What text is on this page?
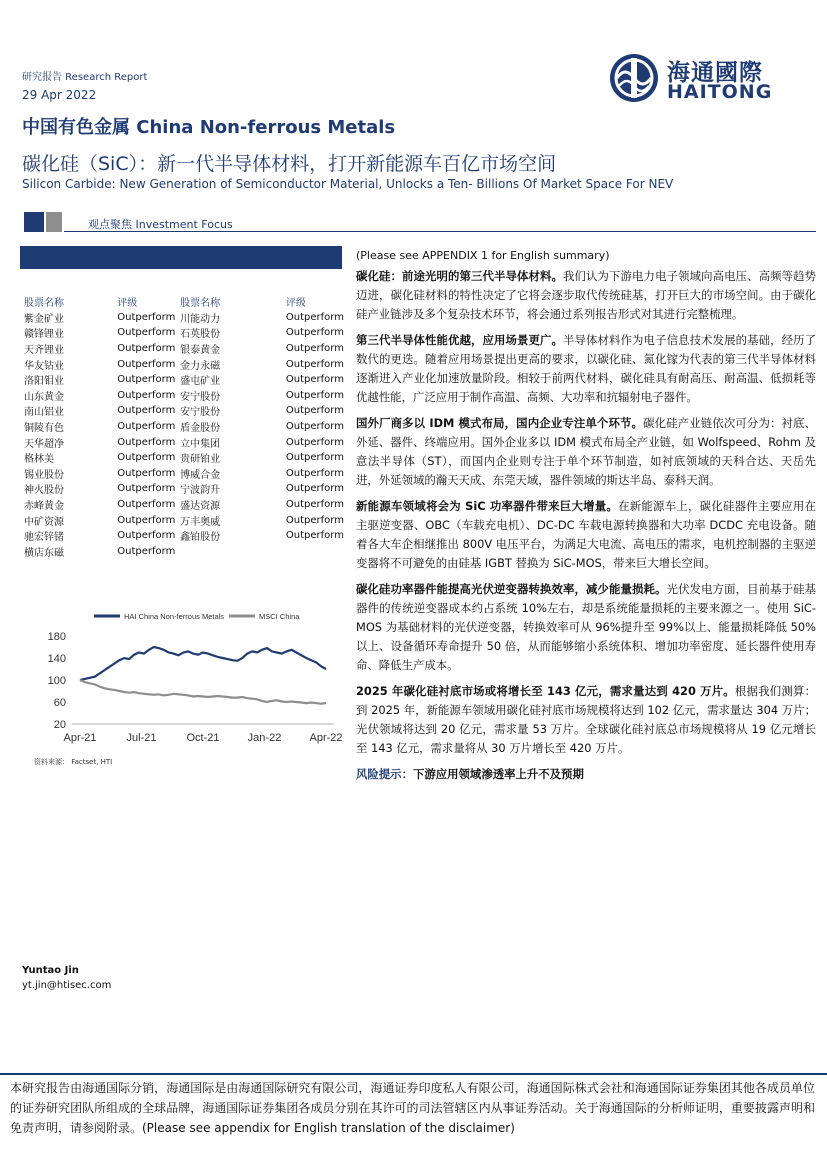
研究报告 Research Report
29 Apr 2022
中国有色金属 China Non-ferrous Metals
碳化硅（SiC）：新一代半导体材料，打开新能源车百亿市场空间
Silicon Carbide: New Generation of Semiconductor Material, Unlocks a Ten- Billions Of Market Space For NEV
海通國際
HAITONG
观点聚焦 Investment Focus
股票名称	评级	股票名称	评级
紫金矿业	Outperform	川能动力	Outperform
赣锋锂业	Outperform	石英股份	Outperform
天齐锂业	Outperform	银泰黄金	Outperform
华友钴业	Outperform	金力永磁	Outperform
洛阳钼业	Outperform	盛屯矿业	Outperform
山东黄金	Outperform	安宁股份	Outperform
南山铝业	Outperform	安宁股份	Outperform
铜陵有色	Outperform	盾金股份	Outperform
天华超净	Outperform	立中集团	Outperform
格林美	Outperform	贵研铂业	Outperform
锡业股份	Outperform	博威合金	Outperform
神火股份	Outperform	宁波韵升	Outperform
赤峰黄金	Outperform	盛达资源	Outperform
中矿资源	Outperform	万丰奥威	Outperform
驰宏锌锗	Outperform	鑫铂股份	Outperform
横店东磁	Outperform		
HAI China Non-ferrous Metals	MSCI China
20
60
100
140
180
Apr-21	Jul-21	Oct-21	Jan-22	Apr-22
资料来源： Factset, HTI

(Please see APPENDIX 1 for English summary)

碳化硅：前途光明的第三代半导体材料。我们认为下游电力电子领域向高电压、高频等趋势迈进，碳化硅材料的特性决定了它将会逐步取代传统硅基，打开巨大的市场空间。由于碳化硅产业链涉及多个复杂技术环节，将会通过系列报告形式对其进行完整梳理。

第三代半导体性能优越，应用场景更广。半导体材料作为电子信息技术发展的基础，经历了数代的更迭。随着应用场景提出更高的要求，以碳化硅、氮化镓为代表的第三代半导体材料逐渐进入产业化加速放量阶段。相较于前两代材料，碳化硅具有耐高压、耐高温、低损耗等优越性能，广泛应用于制作高温、高频、大功率和抗辐射电子器件。

国外厂商多以 IDM 模式布局，国内企业专注单个环节。碳化硅产业链依次可分为：衬底、外延、器件、终端应用。国外企业多以 IDM 模式布局全产业链，如 Wolfspeed、Rohm 及意法半导体（ST），而国内企业则专注于单个环节制造，如衬底领域的天科合达、天岳先进，外延领域的瀚天天成、东莞天域，器件领域的斯达半岛、泰科天润。

新能源车领域将会为 SiC 功率器件带来巨大增量。在新能源车上，碳化硅器件主要应用在主驱逆变器、OBC（车载充电机）、DC-DC 车载电源转换器和大功率 DCDC 充电设备。随着各大车企相继推出 800V 电压平台，为满足大电流、高电压的需求，电机控制器的主驱逆变器将不可避免的由硅基 IGBT 替换为 SiC-MOS，带来巨大增长空间。

碳化硅功率器件能提高光伏逆变器转换效率，减少能量损耗。光伏发电方面，目前基于硅基器件的传统逆变器成本约占系统 10%左右，却是系统能量损耗的主要来源之一。使用 SiC-MOS 为基础材料的光伏逆变器，转换效率可从 96%提升至 99%以上、能量损耗降低 50%以上、设备循环寿命提升 50 倍，从而能够缩小系统体积、增加功率密度、延长器件使用寿命、降低生产成本。

2025 年碳化硅衬底市场或将增长至 143 亿元，需求量达到 420 万片。根据我们测算：到 2025 年，新能源车领域用碳化硅衬底市场规模将达到 102 亿元，需求量达 304 万片；光伏领域将达到 20 亿元，需求量 53 万片。全球碳化硅衬底总市场规模将从 19 亿元增长至 143 亿元，需求量将从 30 万片增长至 420 万片。

风险提示：下游应用领域渗透率上升不及预期

Yuntao Jin
yt.jin@htisec.com
本研究报告由海通国际分销，海通国际是由海通国际研究有限公司，海通证券印度私人有限公司，海通国际株式会社和海通国际证券集团其他各成员单位的证券研究团队所组成的全球品牌，海通国际证券集团各成员分别在其许可的司法管辖区内从事证券活动。关于海通国际的分析师证明，重要披露声明和免责声明，请参阅附录。(Please see appendix for English translation of the disclaimer)
